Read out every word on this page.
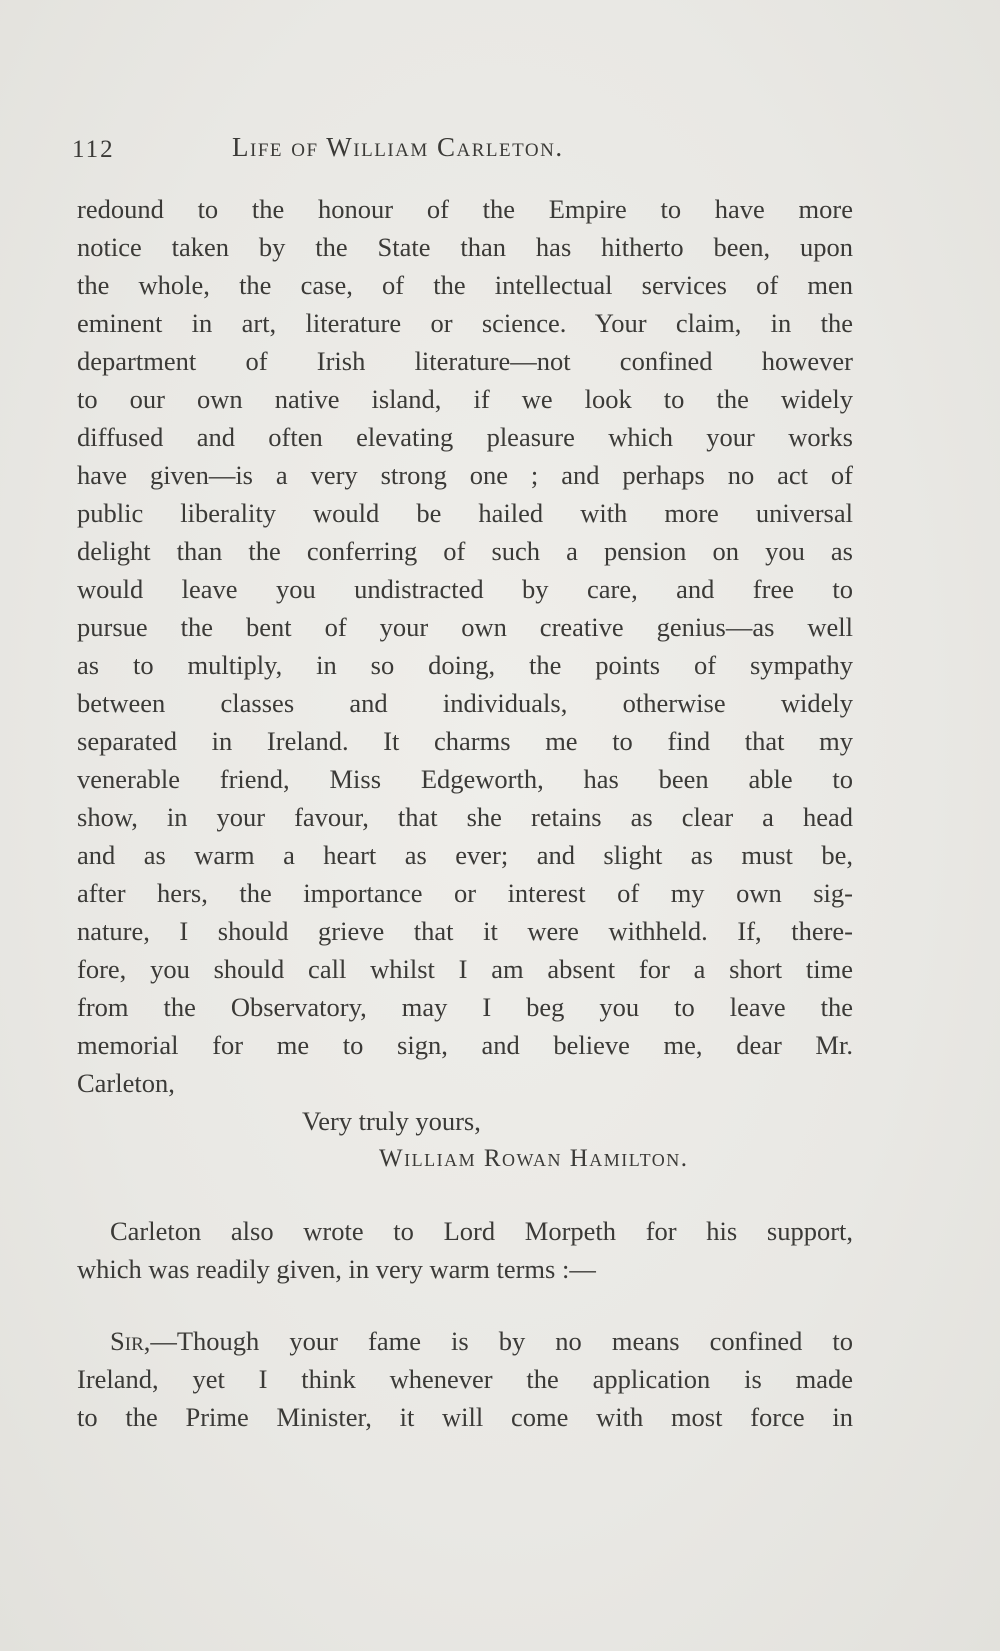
112	Life of William Carleton.
redound to the honour of the Empire to have more
notice taken by the State than has hitherto been, upon
the whole, the case, of the intellectual services of men
eminent in art, literature or science. Your claim, in the
department of Irish literature—not confined however
to our own native island, if we look to the widely
diffused and often elevating pleasure which your works
have given—is a very strong one ; and perhaps no act of
public liberality would be hailed with more universal
delight than the conferring of such a pension on you as
would leave you undistracted by care, and free to
pursue the bent of your own creative genius—as well
as to multiply, in so doing, the points of sympathy
between classes and individuals, otherwise widely
separated in Ireland. It charms me to find that my
venerable friend, Miss Edgeworth, has been able to
show, in your favour, that she retains as clear a head
and as warm a heart as ever; and slight as must be,
after hers, the importance or interest of my own sig-
nature, I should grieve that it were withheld. If, there-
fore, you should call whilst I am absent for a short time
from the Observatory, may I beg you to leave the
memorial for me to sign, and believe me, dear Mr.
Carleton,
Very truly yours,
William Rowan Hamilton.
Carleton also wrote to Lord Morpeth for his support,
which was readily given, in very warm terms :—
Sir,—Though your fame is by no means confined to
Ireland, yet I think whenever the application is made
to the Prime Minister, it will come with most force in
